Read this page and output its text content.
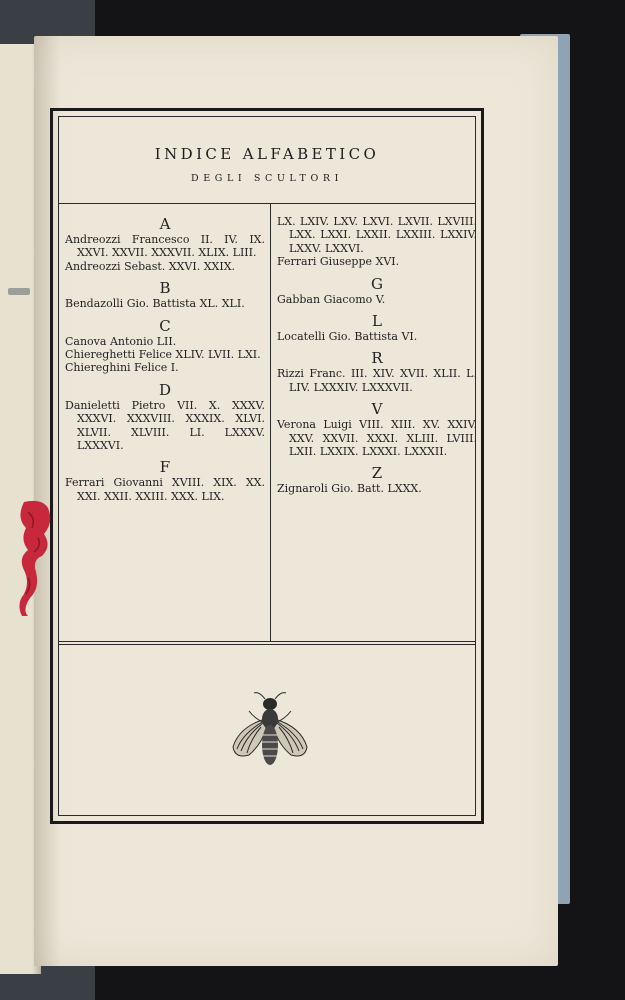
INDICE ALFABETICO
DEGLI SCULTORI

A

Andreozzi Francesco II. IV. IX. XXVI. XXVII. XXXVII. XLIX. LIII.

Andreozzi Sebast. XXVI. XXIX.

B

Bendazolli Gio. Battista XL. XLI.

C

Canova Antonio LII.

Chiereghetti Felice XLIV. LVII. LXI.

Chiereghini Felice I.

D

Danieletti Pietro VII. X. XXXV. XXXVI. XXXVIII. XXXIX. XLVI. XLVII. XLVIII. LI. LXXXV. LXXXVI.

F

Ferrari Giovanni XVIII. XIX. XX. XXI. XXII. XXIII. XXX. LIX.

LX. LXIV. LXV. LXVI. LXVII. LXVIII. LXX. LXXI. LXXII. LXXIII. LXXIV. LXXV. LXXVI.

Ferrari Giuseppe XVI.

G

Gabban Giacomo V.

L

Locatelli Gio. Battista VI.

R

Rizzi Franc. III. XIV. XVII. XLII. L. LIV. LXXXIV. LXXXVII.

V

Verona Luigi VIII. XIII. XV. XXIV. XXV. XXVII. XXXI. XLIII. LVIII. LXII. LXXIX. LXXXI. LXXXII.

Z

Zignaroli Gio. Batt. LXXX.
